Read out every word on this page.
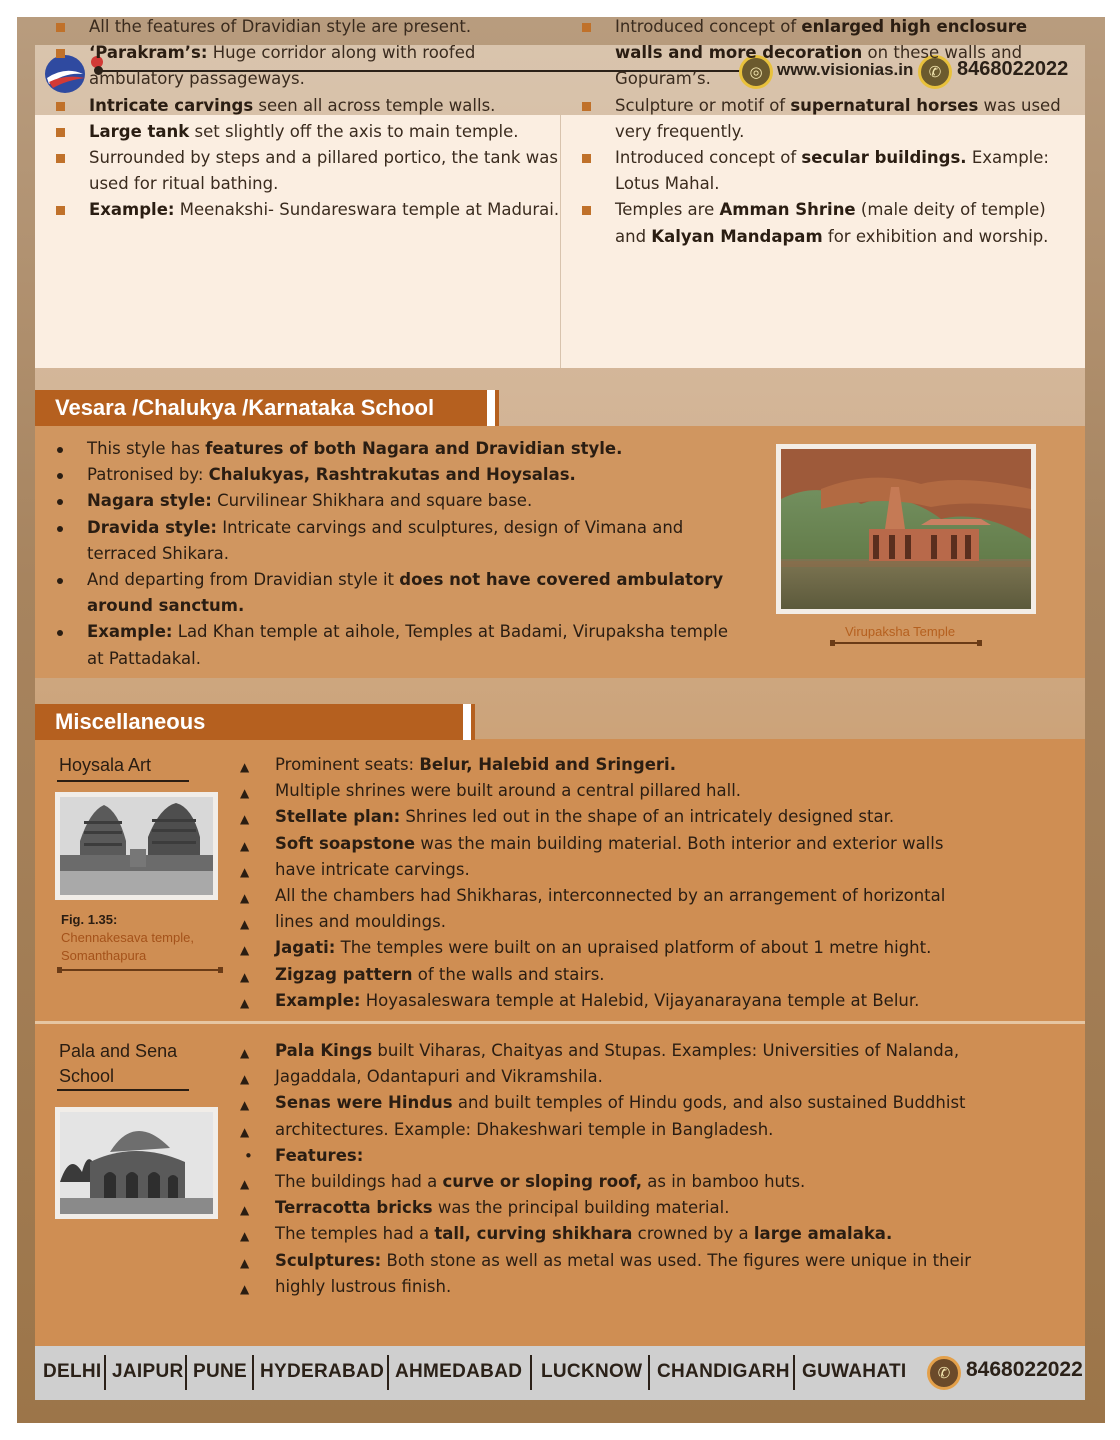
◎ www.visionias.in	✆ 8468022022
All the features of Dravidian style are present.
‘Parakram’s: Huge corridor along with roofed ambulatory passageways.
Intricate carvings seen all across temple walls.
Large tank set slightly off the axis to main temple.
Surrounded by steps and a pillared portico, the tank was used for ritual bathing.
Example: Meenakshi- Sundareswara temple at Madurai.
Introduced concept of enlarged high enclosure walls and more decoration on these walls and Gopuram’s.
Sculpture or motif of supernatural horses was used very frequently.
Introduced concept of secular buildings. Example: Lotus Mahal.
Temples are Amman Shrine (male deity of temple) and Kalyan Mandapam for exhibition and worship.
Vesara /Chalukya /Karnataka School
This style has features of both Nagara and Dravidian style.
Patronised by: Chalukyas, Rashtrakutas and Hoysalas.
Nagara style: Curvilinear Shikhara and square base.
Dravida style: Intricate carvings and sculptures, design of Vimana and terraced Shikara.
And departing from Dravidian style it does not have covered ambulatory around sanctum.
Example: Lad Khan temple at aihole, Temples at Badami, Virupaksha temple at Pattadakal.
Virupaksha Temple
Miscellaneous
Hoysala Art
Fig. 1.35:
Chennakesava temple,
Somanthapura
▲ Prominent seats: Belur, Halebid and Sringeri.
▲ Multiple shrines were built around a central pillared hall.
▲ Stellate plan: Shrines led out in the shape of an intricately designed star.
▲ Soft soapstone was the main building material. Both interior and exterior walls
▲ have intricate carvings.
▲ All the chambers had Shikharas, interconnected by an arrangement of horizontal
▲ lines and mouldings.
▲ Jagati: The temples were built on an upraised platform of about 1 metre hight.
▲ Zigzag pattern of the walls and stairs.
▲ Example: Hoyasaleswara temple at Halebid, Vijayanarayana temple at Belur.
Pala and Sena
School
▲ Pala Kings built Viharas, Chaityas and Stupas. Examples: Universities of Nalanda,
▲ Jagaddala, Odantapuri and Vikramshila.
▲ Senas were Hindus and built temples of Hindu gods, and also sustained Buddhist
▲ architectures. Example: Dhakeshwari temple in Bangladesh.
• Features:
▲ The buildings had a curve or sloping roof, as in bamboo huts.
▲ Terracotta bricks was the principal building material.
▲ The temples had a tall, curving shikhara crowned by a large amalaka.
▲ Sculptures: Both stone as well as metal was used. The figures were unique in their
▲ highly lustrous finish.
DELHI JAIPUR PUNE HYDERABAD AHMEDABAD LUCKNOW CHANDIGARH GUWAHATI	✆ 8468022022
